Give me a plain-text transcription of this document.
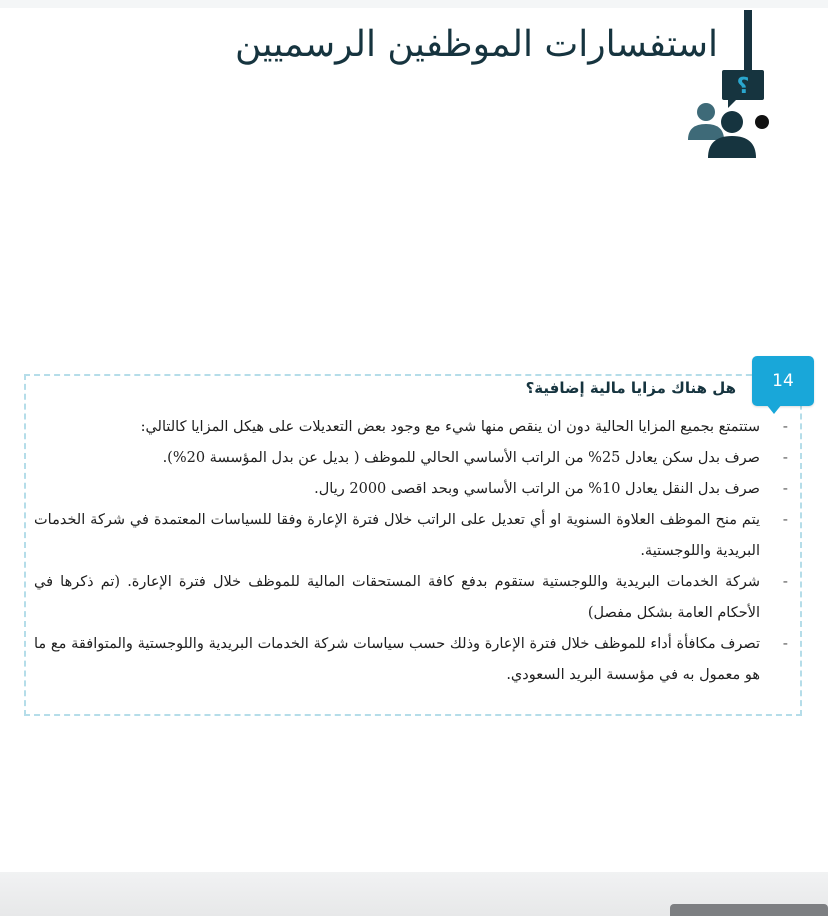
استفسارات الموظفين الرسميين
؟
14
هل هناك مزايا مالية إضافية؟
-
ستتمتع بجميع المزايا الحالية دون ان ينقص منها شيء مع وجود بعض التعديلات على هيكل المزايا كالتالي:
-
صرف بدل سكن يعادل 25% من الراتب الأساسي الحالي للموظف ( بديل عن بدل المؤسسة 20%).
-
صرف بدل النقل يعادل 10% من الراتب الأساسي وبحد اقصى 2000 ريال.
-
يتم منح الموظف العلاوة السنوية او أي تعديل على الراتب خلال فترة الإعارة وفقا للسياسات المعتمدة في شركة الخدمات البريدية واللوجستية.
-
شركة الخدمات البريدية واللوجستية ستقوم بدفع كافة المستحقات المالية للموظف خلال فترة الإعارة. (تم ذكرها في الأحكام العامة بشكل مفصل)
-
تصرف مكافأة أداء للموظف خلال فترة الإعارة وذلك حسب سياسات شركة الخدمات البريدية واللوجستية والمتوافقة مع ما هو معمول به في مؤسسة البريد السعودي.
